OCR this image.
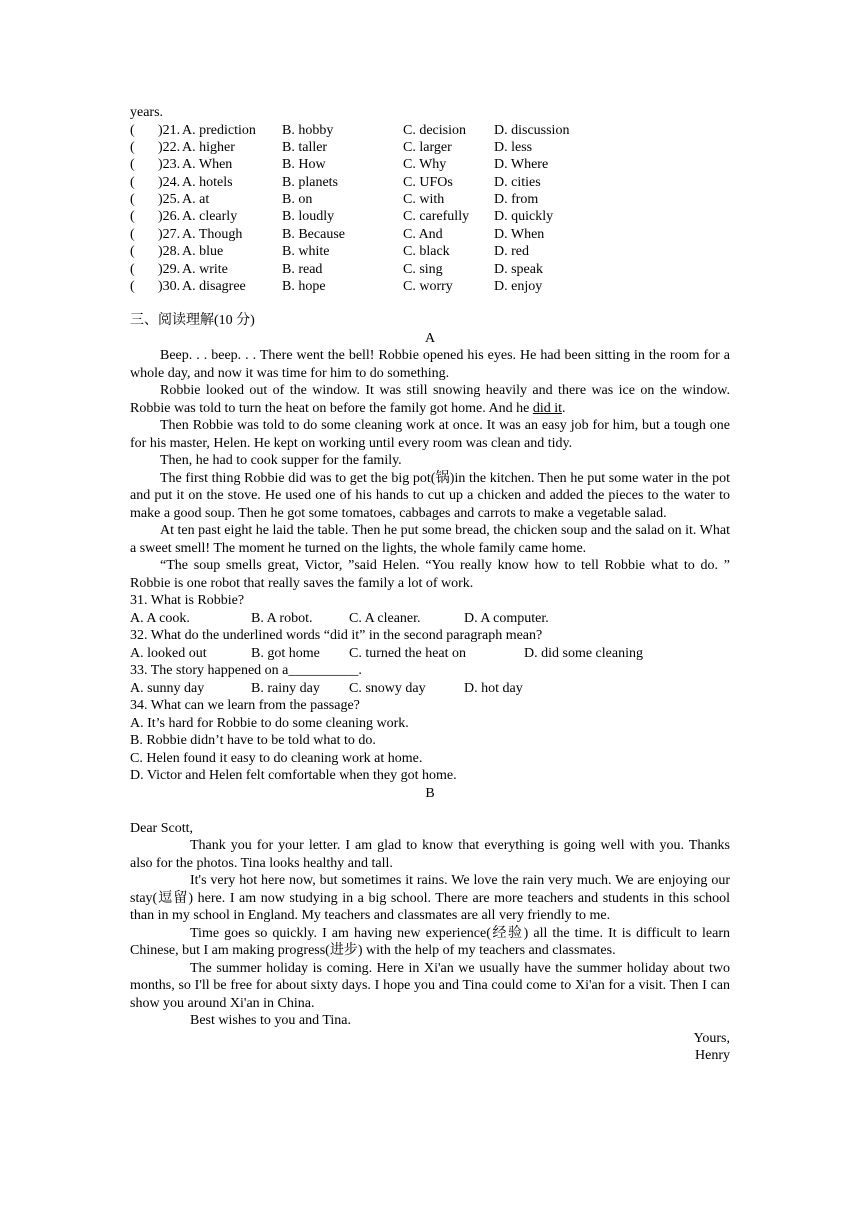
years.
(	)21. A. prediction	B. hobby	C. decision	D. discussion
(	)22. A. higher	B. taller	C. larger	D. less
(	)23. A. When	B. How	C. Why	D. Where
(	)24. A. hotels	B. planets	C. UFOs	D. cities
(	)25. A. at	B. on	C. with	D. from
(	)26. A. clearly	B. loudly	C. carefully	D. quickly
(	)27. A. Though	B. Because	C. And	D. When
(	)28. A. blue	B. white	C. black	D. red
(	)29. A. write	B. read	C. sing	D. speak
(	)30. A. disagree	B. hope	C. worry	D. enjoy
三、阅读理解(10 分)
A

Beep. . . beep. . . There went the bell! Robbie opened his eyes. He had been sitting in the room for a whole day, and now it was time for him to do something.

Robbie looked out of the window. It was still snowing heavily and there was ice on the window. Robbie was told to turn the heat on before the family got home. And he did it.

Then Robbie was told to do some cleaning work at once. It was an easy job for him, but a tough one for his master, Helen. He kept on working until every room was clean and tidy.

Then, he had to cook supper for the family.

The first thing Robbie did was to get the big pot(锅)in the kitchen. Then he put some water in the pot and put it on the stove. He used one of his hands to cut up a chicken and added the pieces to the water to make a good soup. Then he got some tomatoes, cabbages and carrots to make a vegetable salad.

At ten past eight he laid the table. Then he put some bread, the chicken soup and the salad on it. What a sweet smell! The moment he turned on the lights, the whole family came home.

“The soup smells great, Victor, ”said Helen. “You really know how to tell Robbie what to do. ” Robbie is one robot that really saves the family a lot of work.

31. What is Robbie?
A. A cook.	B. A robot.	C. A cleaner.	D. A computer.
32. What do the underlined words “did it” in the second paragraph mean?
A. looked out	B. got home	C. turned the heat on	D. did some cleaning
33. The story happened on a__________.
A. sunny day	B. rainy day	C. snowy day	D. hot day
34. What can we learn from the passage?
A. It’s hard for Robbie to do some cleaning work.
B. Robbie didn’t have to be told what to do.
C. Helen found it easy to do cleaning work at home.
D. Victor and Helen felt comfortable when they got home.
B
Dear Scott,

Thank you for your letter. I am glad to know that everything is going well with you. Thanks also for the photos. Tina looks healthy and tall.

It's very hot here now, but sometimes it rains. We love the rain very much. We are enjoying our stay(逗留) here. I am now studying in a big school. There are more teachers and students in this school than in my school in England. My teachers and classmates are all very friendly to me.

Time goes so quickly. I am having new experience(经验) all the time. It is difficult to learn Chinese, but I am making progress(进步) with the help of my teachers and classmates.

The summer holiday is coming. Here in Xi'an we usually have the summer holiday about two months, so I'll be free for about sixty days. I hope you and Tina could come to Xi'an for a visit. Then I can show you around Xi'an in China.

Best wishes to you and Tina.

Yours,
Henry
